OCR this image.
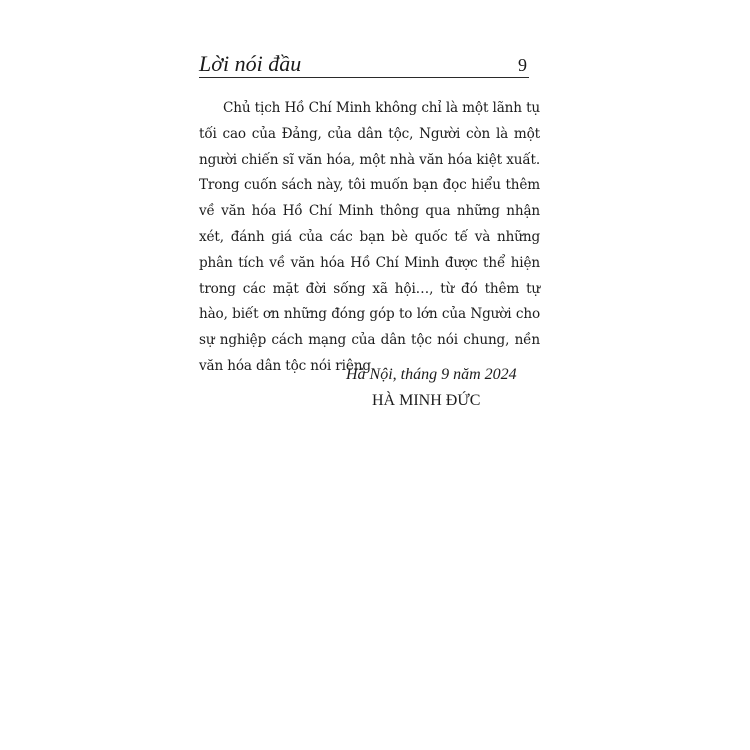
Lời nói đầu	9

Chủ tịch Hồ Chí Minh không chỉ là một lãnh tụ tối cao của Đảng, của dân tộc, Người còn là một người chiến sĩ văn hóa, một nhà văn hóa kiệt xuất. Trong cuốn sách này, tôi muốn bạn đọc hiểu thêm về văn hóa Hồ Chí Minh thông qua những nhận xét, đánh giá của các bạn bè quốc tế và những phân tích về văn hóa Hồ Chí Minh được thể hiện trong các mặt đời sống xã hội…, từ đó thêm tự hào, biết ơn những đóng góp to lớn của Người cho sự nghiệp cách mạng của dân tộc nói chung, nền văn hóa dân tộc nói riêng.

Hà Nội, tháng 9 năm 2024
HÀ MINH ĐỨC
